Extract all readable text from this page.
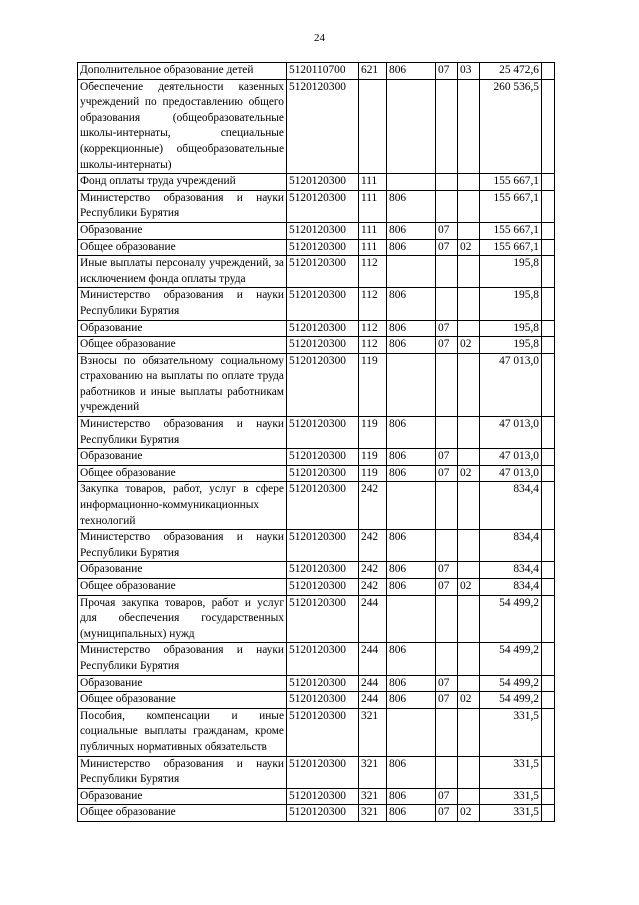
24
Дополнительное образование детей	5120110700	621	806	07	03	25 472,6	
Обеспечение деятельности казенных учреждений по предоставлению общего образования (общеобразовательные школы-интернаты, специальные (коррекционные) общеобразовательные школы-интернаты)	5120120300					260 536,5	
Фонд оплаты труда учреждений	5120120300	111				155 667,1	
Министерство образования и науки Республики Бурятия	5120120300	111	806			155 667,1	
Образование	5120120300	111	806	07		155 667,1	
Общее образование	5120120300	111	806	07	02	155 667,1	
Иные выплаты персоналу учреждений, за исключением фонда оплаты труда	5120120300	112				195,8	
Министерство образования и науки Республики Бурятия	5120120300	112	806			195,8	
Образование	5120120300	112	806	07		195,8	
Общее образование	5120120300	112	806	07	02	195,8	
Взносы по обязательному социальному страхованию на выплаты по оплате труда работников и иные выплаты работникам учреждений	5120120300	119				47 013,0	
Министерство образования и науки Республики Бурятия	5120120300	119	806			47 013,0	
Образование	5120120300	119	806	07		47 013,0	
Общее образование	5120120300	119	806	07	02	47 013,0	
Закупка товаров, работ, услуг в сфере информационно-коммуникационных технологий	5120120300	242				834,4	
Министерство образования и науки Республики Бурятия	5120120300	242	806			834,4	
Образование	5120120300	242	806	07		834,4	
Общее образование	5120120300	242	806	07	02	834,4	
Прочая закупка товаров, работ и услуг для обеспечения государственных (муниципальных) нужд	5120120300	244				54 499,2	
Министерство образования и науки Республики Бурятия	5120120300	244	806			54 499,2	
Образование	5120120300	244	806	07		54 499,2	
Общее образование	5120120300	244	806	07	02	54 499,2	
Пособия, компенсации и иные социальные выплаты гражданам, кроме публичных нормативных обязательств	5120120300	321				331,5	
Министерство образования и науки Республики Бурятия	5120120300	321	806			331,5	
Образование	5120120300	321	806	07		331,5	
Общее образование	5120120300	321	806	07	02	331,5	
